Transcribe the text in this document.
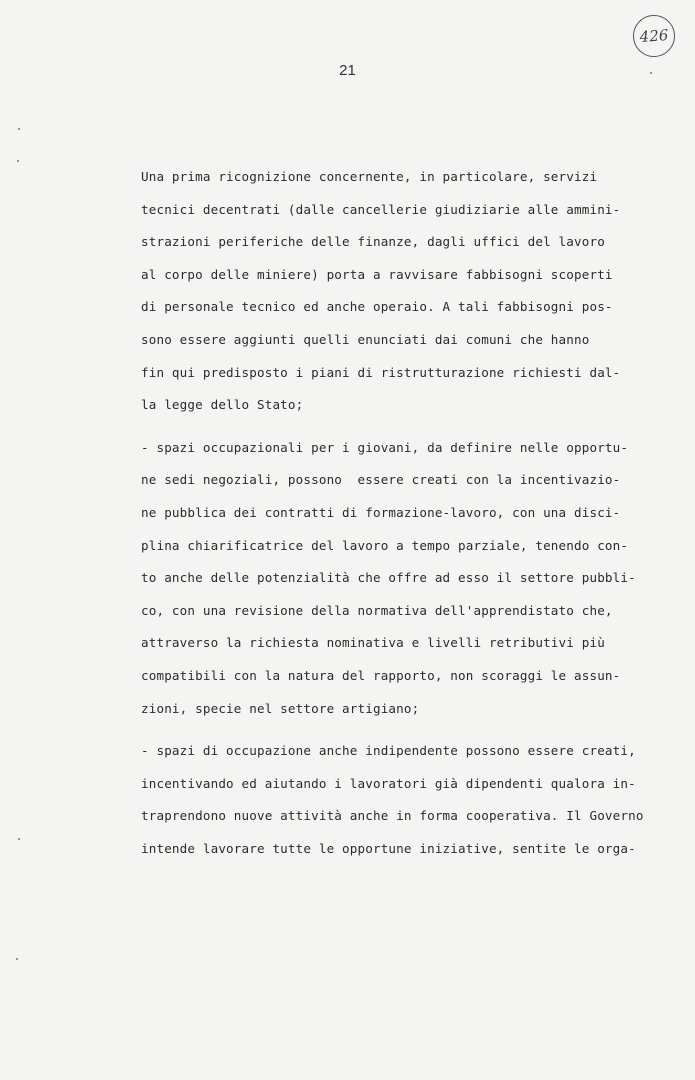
426
21
Una prima ricognizione concernente, in particolare, servizi
tecnici decentrati (dalle cancellerie giudiziarie alle ammini-
strazioni periferiche delle finanze, dagli uffici del lavoro
al corpo delle miniere) porta a ravvisare fabbisogni scoperti
di personale tecnico ed anche operaio. A tali fabbisogni pos-
sono essere aggiunti quelli enunciati dai comuni che hanno
fin qui predisposto i piani di ristrutturazione richiesti dal-
la legge dello Stato;
- spazi occupazionali per i giovani, da definire nelle opportu-
ne sedi negoziali, possono  essere creati con la incentivazio-
ne pubblica dei contratti di formazione-lavoro, con una disci-
plina chiarificatrice del lavoro a tempo parziale, tenendo con-
to anche delle potenzialità che offre ad esso il settore pubbli-
co, con una revisione della normativa dell'apprendistato che,
attraverso la richiesta nominativa e livelli retributivi più
compatibili con la natura del rapporto, non scoraggi le assun-
zioni, specie nel settore artigiano;
- spazi di occupazione anche indipendente possono essere creati,
incentivando ed aiutando i lavoratori già dipendenti qualora in-
traprendono nuove attività anche in forma cooperativa. Il Governo
intende lavorare tutte le opportune iniziative, sentite le orga-
